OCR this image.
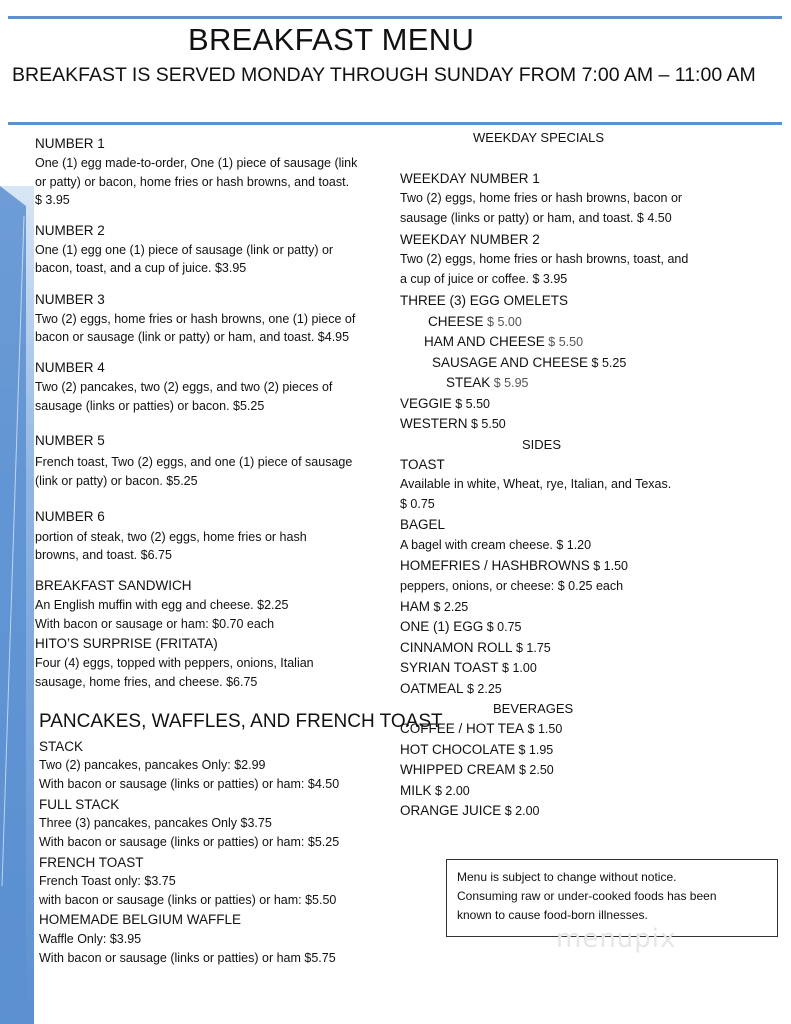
BREAKFAST MENU
BREAKFAST IS SERVED MONDAY THROUGH SUNDAY FROM 7:00 AM – 11:00 AM
NUMBER 1
One (1) egg made-to-order, One (1) piece of sausage (link
or patty) or bacon, home fries or hash browns, and toast.
$ 3.95
NUMBER 2
One (1) egg one (1) piece of sausage (link or patty) or
bacon, toast, and a cup of juice. $3.95
NUMBER 3
Two (2) eggs, home fries or hash browns, one (1) piece of
bacon or sausage (link or patty) or ham, and toast. $4.95
NUMBER 4
Two (2) pancakes, two (2) eggs, and two (2) pieces of
sausage (links or patties) or bacon. $5.25
NUMBER 5
French toast, Two (2) eggs, and one (1) piece of sausage
(link or patty) or bacon. $5.25
NUMBER 6
portion of steak, two (2) eggs, home fries or hash
browns, and toast. $6.75
BREAKFAST SANDWICH
An English muffin with egg and cheese. $2.25
With bacon or sausage or ham: $0.70 each
HITO’S SURPRISE (FRITATA)
Four (4) eggs, topped with peppers, onions, Italian
sausage, home fries, and cheese. $6.75
PANCAKES, WAFFLES, AND FRENCH TOAST
STACK
Two (2) pancakes, pancakes Only: $2.99
With bacon or sausage (links or patties) or ham: $4.50
FULL STACK
Three (3) pancakes, pancakes Only $3.75
With bacon or sausage (links or patties) or ham: $5.25
FRENCH TOAST
French Toast only: $3.75
with bacon or sausage (links or patties) or ham: $5.50
HOMEMADE BELGIUM WAFFLE
Waffle Only: $3.95
With bacon or sausage (links or patties) or ham $5.75
WEEKDAY SPECIALS
WEEKDAY NUMBER 1
Two (2) eggs, home fries or hash browns, bacon or
sausage (links or patty) or ham, and toast. $ 4.50
WEEKDAY NUMBER 2
Two (2) eggs, home fries or hash browns, toast, and
a cup of juice or coffee. $ 3.95
THREE (3) EGG OMELETS
CHEESE $ 5.00
HAM AND CHEESE $ 5.50
SAUSAGE AND CHEESE $ 5.25
STEAK $ 5.95
VEGGIE $ 5.50
WESTERN $ 5.50
SIDES
TOAST
Available in white, Wheat, rye, Italian, and Texas.
$ 0.75
BAGEL
A bagel with cream cheese. $ 1.20
HOMEFRIES / HASHBROWNS $ 1.50
peppers, onions, or cheese: $ 0.25 each
HAM $ 2.25
ONE (1) EGG $ 0.75
CINNAMON ROLL $ 1.75
SYRIAN TOAST $ 1.00
OATMEAL $ 2.25
BEVERAGES
COFFEE / HOT TEA $ 1.50
HOT CHOCOLATE $ 1.95
WHIPPED CREAM $ 2.50
MILK $ 2.00
ORANGE JUICE $ 2.00
Menu is subject to change without notice.
Consuming raw or under-cooked foods has been
known to cause food-born illnesses.
menupix
